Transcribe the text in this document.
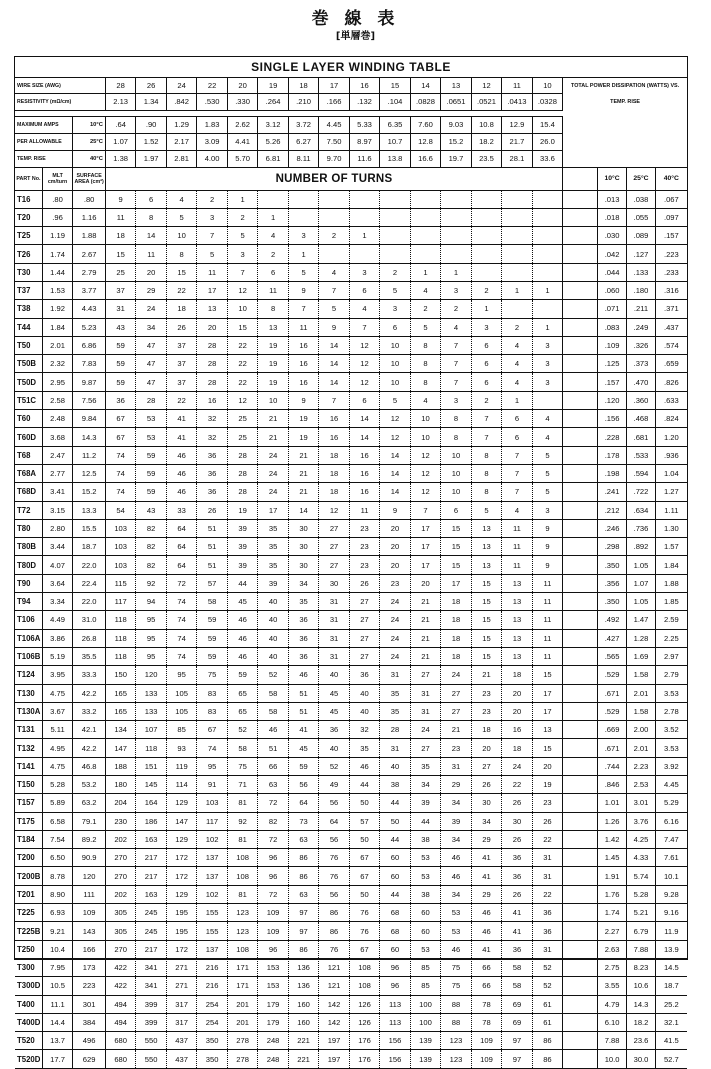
巻 線 表
[単層巻]
SINGLE LAYER WINDING TABLE
WIRE SIZE (AWG)			28	26	24	22	20	19	18	17	16	15	14	13	12	11	10	TOTAL POWER DISSIPATION (WATTS) VS. TEMP. RISE			
RESISTIVITY (mΩ/cm)			2.13	1.34	.842	.530	.330	.264	.210	.166	.132	.104	.0828	.0651	.0521	.0413	.0328				

MAXIMUM AMPS		10°C	.64	.90	1.29	1.83	2.62	3.12	3.72	4.45	5.33	6.35	7.60	9.03	10.8	12.9	15.4				
PER ALLOWABLE		25°C	1.07	1.52	2.17	3.09	4.41	5.26	6.27	7.50	8.97	10.7	12.8	15.2	18.2	21.7	26.0				
TEMP. RISE		40°C	1.38	1.97	2.81	4.00	5.70	6.81	8.11	9.70	11.6	13.8	16.6	19.7	23.5	28.1	33.6				
PART No.	MLT cm/turn	SURFACE AREA (cm²)	NUMBER OF TURNS																10°C	25°C	40°C
T16	.80	.80	9	6	4	2	1												.013	.038	.067
T20	.96	1.16	11	8	5	3	2	1											.018	.055	.097
T25	1.19	1.88	18	14	10	7	5	4	3	2	1								.030	.089	.157
T26	1.74	2.67	15	11	8	5	3	2	1										.042	.127	.223
T30	1.44	2.79	25	20	15	11	7	6	5	4	3	2	1	1					.044	.133	.233
T37	1.53	3.77	37	29	22	17	12	11	9	7	6	5	4	3	2	1	1		.060	.180	.316
T38	1.92	4.43	31	24	18	13	10	8	7	5	4	3	2	2	1				.071	.211	.371
T44	1.84	5.23	43	34	26	20	15	13	11	9	7	6	5	4	3	2	1		.083	.249	.437
T50	2.01	6.86	59	47	37	28	22	19	16	14	12	10	8	7	6	4	3		.109	.326	.574
T50B	2.32	7.83	59	47	37	28	22	19	16	14	12	10	8	7	6	4	3		.125	.373	.659
T50D	2.95	9.87	59	47	37	28	22	19	16	14	12	10	8	7	6	4	3		.157	.470	.826
T51C	2.58	7.56	36	28	22	16	12	10	9	7	6	5	4	3	2	1			.120	.360	.633
T60	2.48	9.84	67	53	41	32	25	21	19	16	14	12	10	8	7	6	4		.156	.468	.824
T60D	3.68	14.3	67	53	41	32	25	21	19	16	14	12	10	8	7	6	4		.228	.681	1.20
T68	2.47	11.2	74	59	46	36	28	24	21	18	16	14	12	10	8	7	5		.178	.533	.936
T68A	2.77	12.5	74	59	46	36	28	24	21	18	16	14	12	10	8	7	5		.198	.594	1.04
T68D	3.41	15.2	74	59	46	36	28	24	21	18	16	14	12	10	8	7	5		.241	.722	1.27
T72	3.15	13.3	54	43	33	26	19	17	14	12	11	9	7	6	5	4	3		.212	.634	1.11
T80	2.80	15.5	103	82	64	51	39	35	30	27	23	20	17	15	13	11	9		.246	.736	1.30
T80B	3.44	18.7	103	82	64	51	39	35	30	27	23	20	17	15	13	11	9		.298	.892	1.57
T80D	4.07	22.0	103	82	64	51	39	35	30	27	23	20	17	15	13	11	9		.350	1.05	1.84
T90	3.64	22.4	115	92	72	57	44	39	34	30	26	23	20	17	15	13	11		.356	1.07	1.88
T94	3.34	22.0	117	94	74	58	45	40	35	31	27	24	21	18	15	13	11		.350	1.05	1.85
T106	4.49	31.0	118	95	74	59	46	40	36	31	27	24	21	18	15	13	11		.492	1.47	2.59
T106A	3.86	26.8	118	95	74	59	46	40	36	31	27	24	21	18	15	13	11		.427	1.28	2.25
T106B	5.19	35.5	118	95	74	59	46	40	36	31	27	24	21	18	15	13	11		.565	1.69	2.97
T124	3.95	33.3	150	120	95	75	59	52	46	40	36	31	27	24	21	18	15		.529	1.58	2.79
T130	4.75	42.2	165	133	105	83	65	58	51	45	40	35	31	27	23	20	17		.671	2.01	3.53
T130A	3.67	33.2	165	133	105	83	65	58	51	45	40	35	31	27	23	20	17		.529	1.58	2.78
T131	5.11	42.1	134	107	85	67	52	46	41	36	32	28	24	21	18	16	13		.669	2.00	3.52
T132	4.95	42.2	147	118	93	74	58	51	45	40	35	31	27	23	20	18	15		.671	2.01	3.53
T141	4.75	46.8	188	151	119	95	75	66	59	52	46	40	35	31	27	24	20		.744	2.23	3.92
T150	5.28	53.2	180	145	114	91	71	63	56	49	44	38	34	29	26	22	19		.846	2.53	4.45
T157	5.89	63.2	204	164	129	103	81	72	64	56	50	44	39	34	30	26	23		1.01	3.01	5.29
T175	6.58	79.1	230	186	147	117	92	82	73	64	57	50	44	39	34	30	26		1.26	3.76	6.16
T184	7.54	89.2	202	163	129	102	81	72	63	56	50	44	38	34	29	26	22		1.42	4.25	7.47
T200	6.50	90.9	270	217	172	137	108	96	86	76	67	60	53	46	41	36	31		1.45	4.33	7.61
T200B	8.78	120	270	217	172	137	108	96	86	76	67	60	53	46	41	36	31		1.91	5.74	10.1
T201	8.90	111	202	163	129	102	81	72	63	56	50	44	38	34	29	26	22		1.76	5.28	9.28
T225	6.93	109	305	245	195	155	123	109	97	86	76	68	60	53	46	41	36		1.74	5.21	9.16
T225B	9.21	143	305	245	195	155	123	109	97	86	76	68	60	53	46	41	36		2.27	6.79	11.9
T250	10.4	166	270	217	172	137	108	96	86	76	67	60	53	46	41	36	31		2.63	7.88	13.9
T300	7.95	173	422	341	271	216	171	153	136	121	108	96	85	75	66	58	52		2.75	8.23	14.5
T300D	10.5	223	422	341	271	216	171	153	136	121	108	96	85	75	66	58	52		3.55	10.6	18.7
T400	11.1	301	494	399	317	254	201	179	160	142	126	113	100	88	78	69	61		4.79	14.3	25.2
T400D	14.4	384	494	399	317	254	201	179	160	142	126	113	100	88	78	69	61		6.10	18.2	32.1
T520	13.7	496	680	550	437	350	278	248	221	197	176	156	139	123	109	97	86		7.88	23.6	41.5
T520D	17.7	629	680	550	437	350	278	248	221	197	176	156	139	123	109	97	86		10.0	30.0	52.7
